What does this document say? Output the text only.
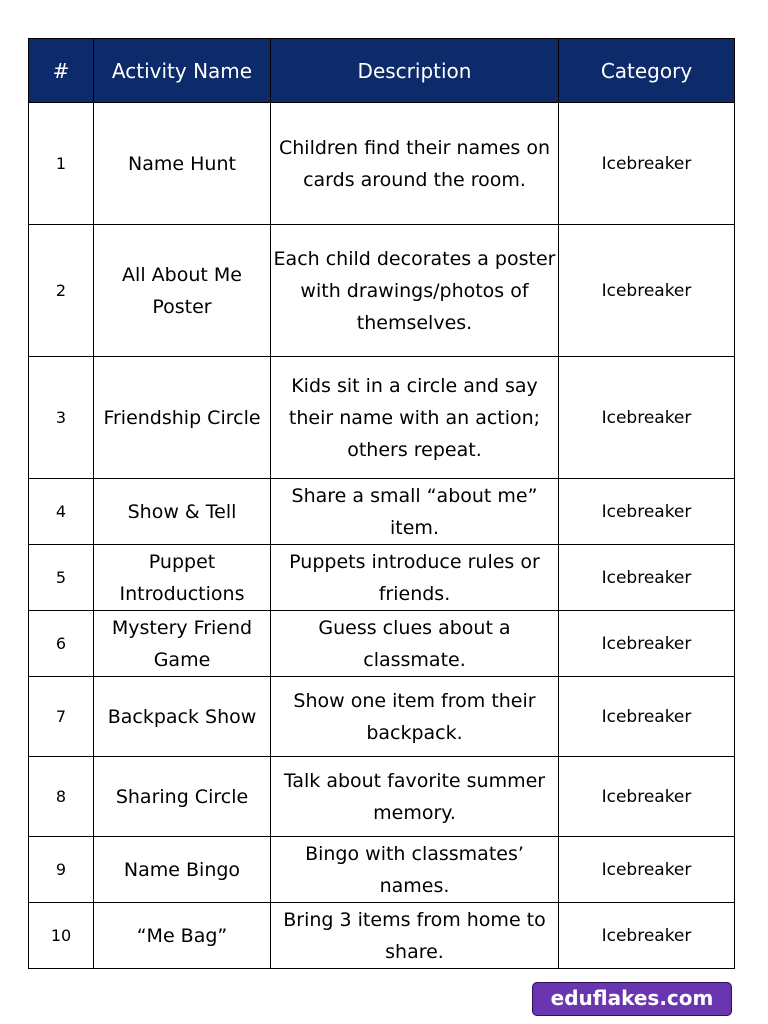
#	Activity Name	Description	Category
1	Name Hunt	Children find their names on cards around the room.	Icebreaker
2	All About Me Poster	Each child decorates a poster with drawings/photos of themselves.	Icebreaker
3	Friendship Circle	Kids sit in a circle and say their name with an action; others repeat.	Icebreaker
4	Show & Tell	Share a small “about me” item.	Icebreaker
5	Puppet Introductions	Puppets introduce rules or friends.	Icebreaker
6	Mystery Friend Game	Guess clues about a classmate.	Icebreaker
7	Backpack Show	Show one item from their backpack.	Icebreaker
8	Sharing Circle	Talk about favorite summer memory.	Icebreaker
9	Name Bingo	Bingo with classmates’ names.	Icebreaker
10	“Me Bag”	Bring 3 items from home to share.	Icebreaker
eduflakes.com
